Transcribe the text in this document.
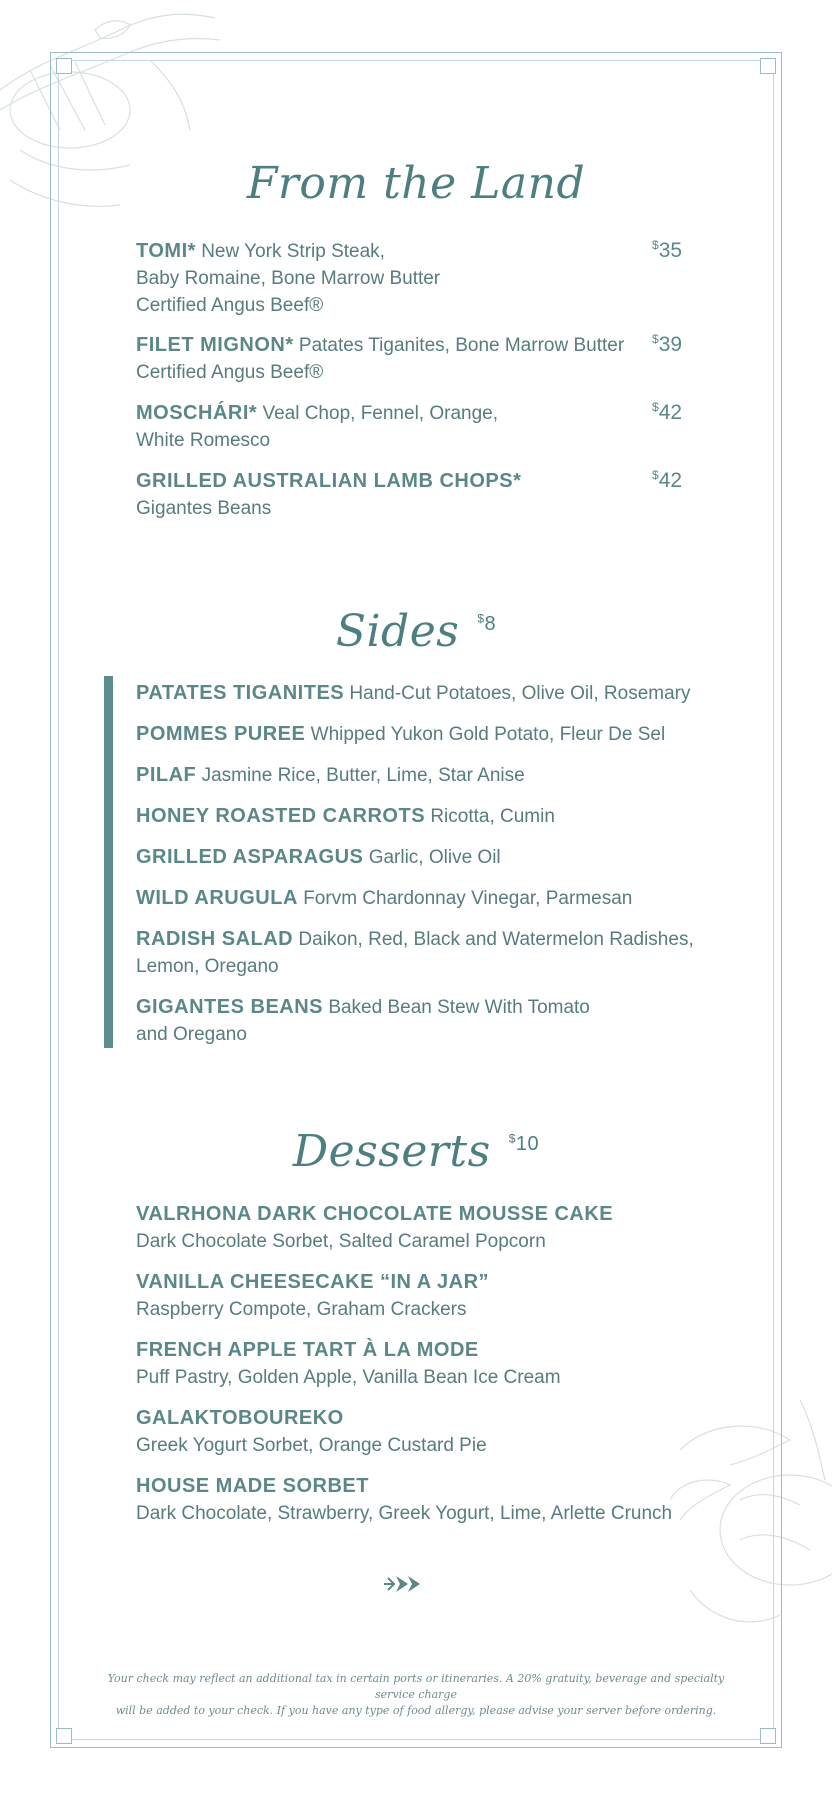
From the Land
TOMI* New York Strip Steak,
Baby Romaine, Bone Marrow Butter
Certified Angus Beef®
$35
FILET MIGNON* Patates Tiganites, Bone Marrow Butter
Certified Angus Beef®
$39
MOSCHÁRI* Veal Chop, Fennel, Orange,
White Romesco
$42
GRILLED AUSTRALIAN LAMB CHOPS*
Gigantes Beans
$42
Sides $^{^{\$}8}$
PATATES TIGANITES Hand-Cut Potatoes, Olive Oil, Rosemary
POMMES PUREE Whipped Yukon Gold Potato, Fleur De Sel
PILAF Jasmine Rice, Butter, Lime, Star Anise
HONEY ROASTED CARROTS Ricotta, Cumin
GRILLED ASPARAGUS Garlic, Olive Oil
WILD ARUGULA Forvm Chardonnay Vinegar, Parmesan
RADISH SALAD Daikon, Red, Black and Watermelon Radishes,
Lemon, Oregano
GIGANTES BEANS Baked Bean Stew With Tomato
and Oregano
Desserts $^{^{\$}10}$
VALRHONA DARK CHOCOLATE MOUSSE CAKE
Dark Chocolate Sorbet, Salted Caramel Popcorn
VANILLA CHEESECAKE “IN A JAR”
Raspberry Compote, Graham Crackers
FRENCH APPLE TART À LA MODE
Puff Pastry, Golden Apple, Vanilla Bean Ice Cream
GALAKTOBOUREKO
Greek Yogurt Sorbet, Orange Custard Pie
HOUSE MADE SORBET
Dark Chocolate, Strawberry, Greek Yogurt, Lime, Arlette Crunch
Your check may reflect an additional tax in certain ports or itineraries. A 20% gratuity, beverage and specialty service charge
will be added to your check. If you have any type of food allergy, please advise your server before ordering.
